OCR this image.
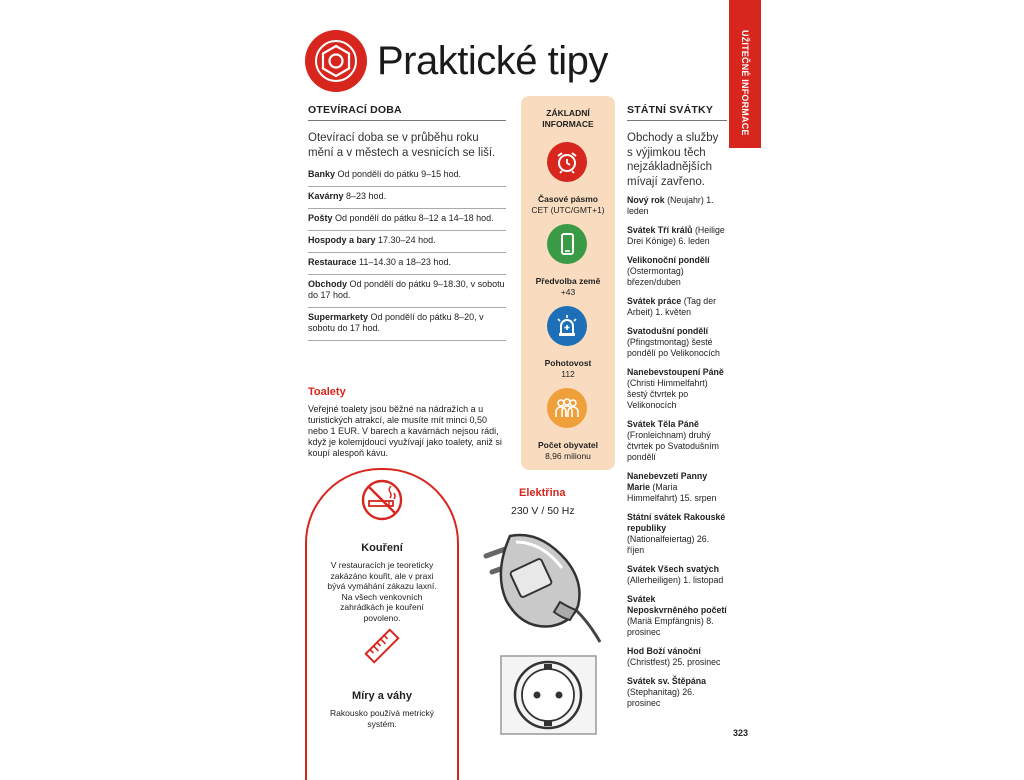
Praktické tipy	UŽITEČNÉ INFORMACE
OTEVÍRACÍ DOBA
Otevírací doba se v průběhu roku mění a v městech a vesnicích se liší.
Banky Od pondělí do pátku 9–15 hod.
Kavárny 8–23 hod.
Pošty Od pondělí do pátku 8–12 a 14–18 hod.
Hospody a bary 17.30–24 hod.
Restaurace 11–14.30 a 18–23 hod.
Obchody Od pondělí do pátku 9–18.30, v sobotu do 17 hod.
Supermarkety Od pondělí do pátku 8–20, v sobotu do 17 hod.
Toalety
Veřejné toalety jsou běžné na nádražích a u turistických atrakcí, ale musíte mít minci 0,50 nebo 1 EUR. V barech a kavárnách nejsou rádi, když je kolemjdoucí využívají jako toalety, aniž si koupí alespoň kávu.
Kouření
V restauracích je teoreticky zakázáno kouřit, ale v praxi bývá vymáhání zákazu laxní. Na všech venkovních zahrádkách je kouření povoleno.
Míry a váhy
Rakousko používá metrický systém.
ZÁKLADNÍ INFORMACE
Časové pásmo
CET (UTC/GMT+1)
Předvolba země
+43
Pohotovost
112
Počet obyvatel
8,96 milionu
Elektřina
230 V / 50 Hz
STÁTNÍ SVÁTKY
Obchody a služby s výjimkou těch nejzákladnějších mívají zavřeno.
Nový rok (Neujahr) 1. leden
Svátek Tří králů (Heilige Drei Könige) 6. leden
Velikonoční pondělí (Ostermontag) březen/duben
Svátek práce (Tag der Arbeit) 1. květen
Svatodušní pondělí (Pfingstmontag) šesté pondělí po Velikonocích
Nanebevstoupení Páně (Christi Himmelfahrt) šestý čtvrtek po Velikonocích
Svátek Těla Páně (Fronleichnam) druhý čtvrtek po Svatodušním pondělí
Nanebevzetí Panny Marie (Maria Himmelfahrt) 15. srpen
Státní svátek Rakouské republiky (Nationalfeiertag) 26. říjen
Svátek Všech svatých (Allerheiligen) 1. listopad
Svátek Neposkvrněného početí (Mariä Empfängnis) 8. prosinec
Hod Boží vánoční (Christfest) 25. prosinec
Svátek sv. Štěpána (Stephanitag) 26. prosinec
323
